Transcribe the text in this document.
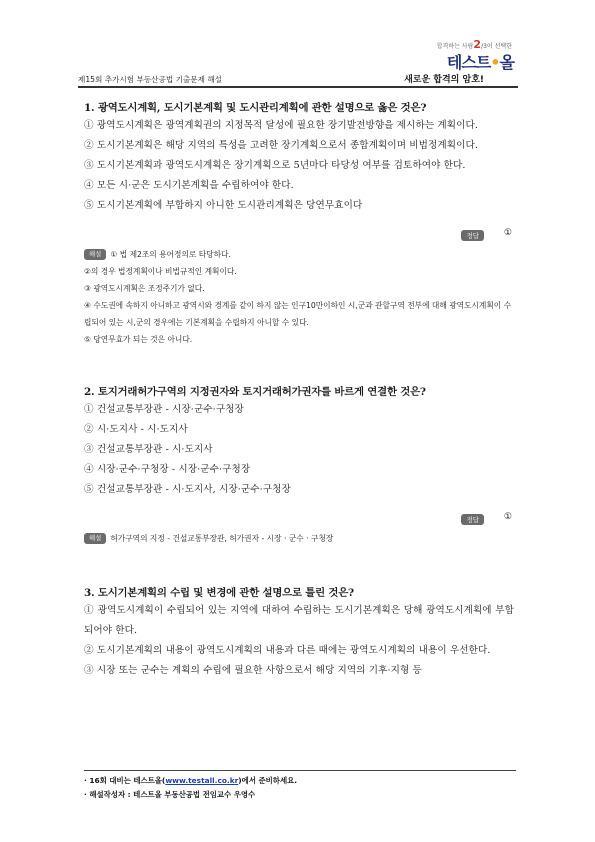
제15회 추가시험 부동산공법 기출문제 해설	새로운 합격의 암호!
합격하는 사람2/3이 선택한
테스트•올
1. 광역도시계획, 도시기본계획 및 도시관리계획에 관한 설명으로 옳은 것은?
① 광역도시계획은 광역계획권의 지정목적 달성에 필요한 장기발전방향을 제시하는 계획이다.
② 도시기본계획은 해당 지역의 특성을 고려한 장기계획으로서 종합계획이며 비법정계획이다.
③ 도시기본계획과 광역도시계획은 장기계획으로 5년마다 타당성 여부를 검토하여야 한다.
④ 모든 시·군은 도시기본계획을 수립하여야 한다.
⑤ 도시기본계획에 부합하지 아니한 도시관리계획은 당연무효이다
정답	①
해설 ① 법 제2조의 용어정의로 타당하다.
②의 경우 법정계획이나 비법규적인 계획이다.
③ 광역도시계획은 조정주기가 없다.
④ 수도권에 속하지 아니하고 광역시와 경계를 같이 하지 않는 인구10만이하인 시,군과 관할구역 전부에 대해 광역도시계획이 수립되어 있는 시,군의 경우에는 기본계획을 수립하지 아니할 수 있다.
⑤ 당연무효가 되는 것은 아니다.
2. 토지거래허가구역의 지정권자와 토지거래허가권자를 바르게 연결한 것은?
① 건설교통부장관 - 시장·군수·구청장
② 시·도지사 - 시·도지사
③ 건설교통부장관 - 시·도지사
④ 시장·군수·구청장 - 시장·군수·구청장
⑤ 건설교통부장관 - 시·도지사, 시장·군수·구청장
정답	①
해설 허가구역의 지정 - 건설교통부장관, 허가권자 - 시장 · 군수 · 구청장
3. 도시기본계획의 수립 및 변경에 관한 설명으로 틀린 것은?
① 광역도시계획이 수립되어 있는 지역에 대하여 수립하는 도시기본계획은 당해 광역도시계획에 부합되어야 한다.
② 도시기본계획의 내용이 광역도시계획의 내용과 다른 때에는 광역도시계획의 내용이 우선한다.
③ 시장 또는 군수는 계획의 수립에 필요한 사항으로서 해당 지역의 기후·지형 등
· 16회 대비는 테스트올(www.testall.co.kr)에서 준비하세요.
· 해설작성자 : 테스트올 부동산공법 전임교수 우영수
